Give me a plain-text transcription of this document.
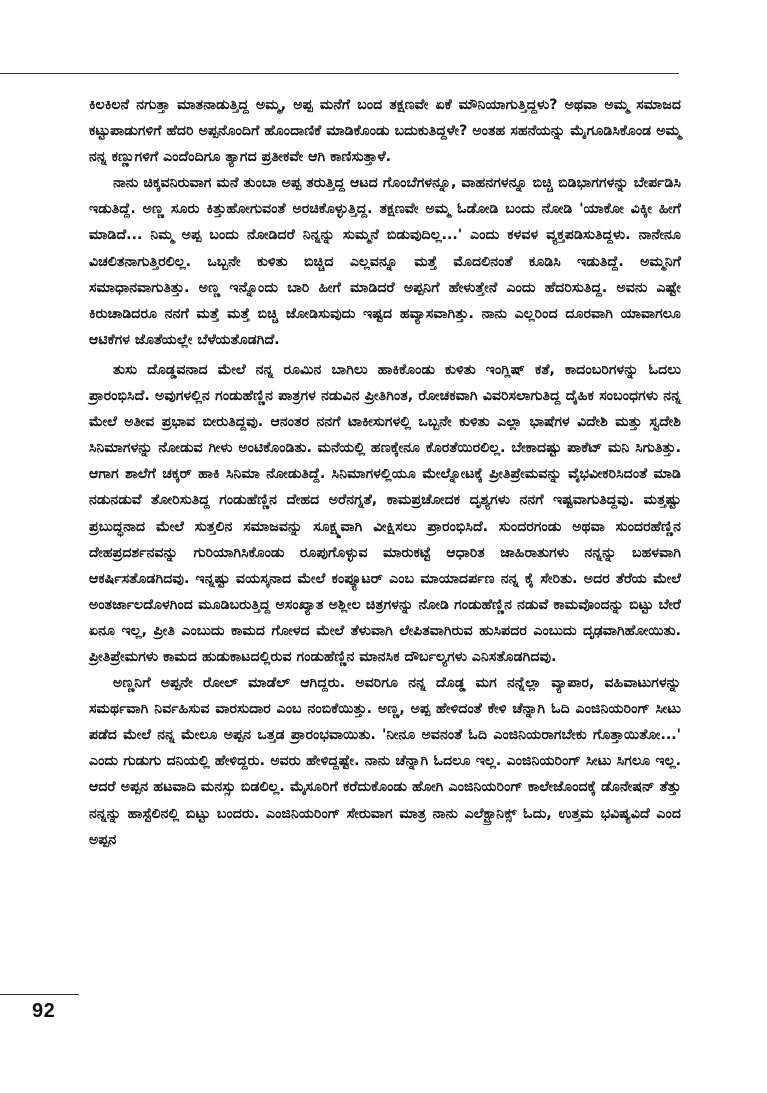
ಕಿಲಕಿಲನೆ ನಗುತ್ತಾ ಮಾತನಾಡುತ್ತಿದ್ದ ಅಮ್ಮ, ಅಪ್ಪ ಮನೆಗೆ ಬಂದ ತಕ್ಷಣವೇ ಏಕೆ ಮೌನಿಯಾಗುತ್ತಿದ್ದಳು? ಅಥವಾ ಅಮ್ಮ ಸಮಾಜದ ಕಟ್ಟುಪಾಡುಗಳಿಗೆ ಹೆದರಿ ಅಪ್ಪನೊಂದಿಗೆ ಹೊಂದಾಣಿಕೆ ಮಾಡಿಕೊಂಡು ಬದುಕುತಿದ್ದಳೇ? ಅಂತಹ ಸಹನೆಯನ್ನು ಮೈಗೂಡಿಸಿಕೊಂಡ ಅಮ್ಮ ನನ್ನ ಕಣ್ಣುಗಳಿಗೆ ಎಂದೆಂದಿಗೂ ತ್ಯಾಗದ ಪ್ರತೀಕವೇ ಆಗಿ ಕಾಣಿಸುತ್ತಾಳೆ.

ನಾನು ಚಿಕ್ಕವನಿರುವಾಗ ಮನೆ ತುಂಬಾ ಅಪ್ಪ ತರುತ್ತಿದ್ದ ಆಟದ ಗೊಂಬೆಗಳನ್ನೂ, ವಾಹನಗಳನ್ನೂ ಬಿಚ್ಚಿ ಬಿಡಿಭಾಗಗಳನ್ನು ಬೇರ್ಪಡಿಸಿ ಇಡುತಿದ್ದೆ. ಅಣ್ಣ ಸೂರು ಕಿತ್ತುಹೋಗುವಂತೆ ಅರಚಿಕೊಳ್ಳುತ್ತಿದ್ದ. ತಕ್ಷಣವೇ ಅಮ್ಮ ಓಡೋಡಿ ಬಂದು ನೋಡಿ 'ಯಾಕೋ ವಿಕ್ಕೀ ಹೀಗೆ ಮಾಡಿದೆ... ನಿಮ್ಮ ಅಪ್ಪ ಬಂದು ನೋಡಿದರೆ ನಿನ್ನನ್ನು ಸುಮ್ಮನೆ ಬಿಡುವುದಿಲ್ಲ...' ಎಂದು ಕಳವಳ ವ್ಯಕ್ತಪಡಿಸುತಿದ್ದಳು. ನಾನೇನೂ ವಿಚಲಿತನಾಗುತ್ತಿರಲಿಲ್ಲ. ಒಬ್ಬನೇ ಕುಳಿತು ಬಿಚ್ಚಿದ ಎಲ್ಲವನ್ನೂ ಮತ್ತೆ ಮೊದಲಿನಂತೆ ಕೂಡಿಸಿ ಇಡುತಿದ್ದೆ. ಅಮ್ಮನಿಗೆ ಸಮಾಧಾನವಾಗುತಿತ್ತು. ಅಣ್ಣ ಇನ್ನೊಂದು ಬಾರಿ ಹೀಗೆ ಮಾಡಿದರೆ ಅಪ್ಪನಿಗೆ ಹೇಳುತ್ತೇನೆ ಎಂದು ಹೆದರಿಸುತಿದ್ದ. ಅವನು ಎಷ್ಟೇ ಕಿರುಚಾಡಿದರೂ ನನಗೆ ಮತ್ತೆ ಮತ್ತೆ ಬಿಚ್ಚಿ ಜೋಡಿಸುವುದು ಇಷ್ಟದ ಹವ್ಯಾಸವಾಗಿತ್ತು. ನಾನು ಎಲ್ಲರಿಂದ ದೂರವಾಗಿ ಯಾವಾಗಲೂ ಆಟಿಕೆಗಳ ಜೊತೆಯಲ್ಲೇ ಬೆಳೆಯತೊಡಗಿದೆ.

ತುಸು ದೊಡ್ಡವನಾದ ಮೇಲೆ ನನ್ನ ರೂಮಿನ ಬಾಗಿಲು ಹಾಕಿಕೊಂಡು ಕುಳಿತು ಇಂಗ್ಲಿಷ್ ಕತೆ, ಕಾದಂಬರಿಗಳನ್ನು ಓದಲು ಪ್ರಾರಂಭಿಸಿದೆ. ಅವುಗಳಲ್ಲಿನ ಗಂಡುಹೆಣ್ಣಿನ ಪಾತ್ರಗಳ ನಡುವಿನ ಪ್ರೀತಿಗಿಂತ, ರೋಚಕವಾಗಿ ವಿವರಿಸಲಾಗುತಿದ್ದ ದೈಹಿಕ ಸಂಬಂಧಗಳು ನನ್ನ ಮೇಲೆ ಅತೀವ ಪ್ರಭಾವ ಬೀರುತಿದ್ದವು. ಆನಂತರ ನನಗೆ ಟಾಕೀಸುಗಳಲ್ಲಿ ಒಬ್ಬನೇ ಕುಳಿತು ಎಲ್ಲಾ ಭಾಷೆಗಳ ವಿದೇಶಿ ಮತ್ತು ಸ್ವದೇಶಿ ಸಿನಿಮಾಗಳನ್ನು ನೋಡುವ ಗೀಳು ಅಂಟಿಕೊಂಡಿತು. ಮನೆಯಲ್ಲಿ ಹಣಕ್ಕೇನೂ ಕೊರತೆಯಿರಲಿಲ್ಲ. ಬೇಕಾದಷ್ಟು ಪಾಕೆಟ್ ಮನಿ ಸಿಗುತಿತ್ತು. ಆಗಾಗ ಶಾಲೆಗೆ ಚಕ್ಕರ್ ಹಾಕಿ ಸಿನಿಮಾ ನೋಡುತಿದ್ದೆ. ಸಿನಿಮಾಗಳಲ್ಲಿಯೂ ಮೇಲ್ನೋಟಕ್ಕೆ ಪ್ರೀತಿಪ್ರೇಮವನ್ನು ವೈಭವೀಕರಿಸಿದಂತೆ ಮಾಡಿ ನಡುನಡುವೆ ತೋರಿಸುತಿದ್ದ ಗಂಡುಹೆಣ್ಣಿನ ದೇಹದ ಅರೆನಗ್ನತೆ, ಕಾಮಪ್ರಚೋದಕ ದೃಶ್ಯಗಳು ನನಗೆ ಇಷ್ಟವಾಗುತಿದ್ದವು. ಮತ್ತಷ್ಟು ಪ್ರಬುದ್ಧನಾದ ಮೇಲೆ ಸುತ್ತಲಿನ ಸಮಾಜವನ್ನು ಸೂಕ್ಷ್ಮವಾಗಿ ವೀಕ್ಷಿಸಲು ಪ್ರಾರಂಭಿಸಿದೆ. ಸುಂದರಗಂಡು ಅಥವಾ ಸುಂದರಹೆಣ್ಣಿನ ದೇಹಪ್ರದರ್ಶನವನ್ನು ಗುರಿಯಾಗಿಸಿಕೊಂಡು ರೂಪುಗೊಳ್ಳುವ ಮಾರುಕಟ್ಟೆ ಆಧಾರಿತ ಜಾಹಿರಾತುಗಳು ನನ್ನನ್ನು ಬಹಳವಾಗಿ ಆಕರ್ಷಿಸತೊಡಗಿದವು. ಇನ್ನಷ್ಟು ವಯಸ್ಕನಾದ ಮೇಲೆ ಕಂಪ್ಯೂಟರ್ ಎಂಬ ಮಾಯಾದರ್ಪಣ ನನ್ನ ಕೈ ಸೇರಿತು. ಅದರ ತೆರೆಯ ಮೇಲೆ ಅಂತರ್ಜಾಲದೊಳಗಿಂದ ಮೂಡಿಬರುತ್ತಿದ್ದ ಅಸಂಖ್ಯಾತ ಅಶ್ಲೀಲ ಚಿತ್ರಗಳನ್ನು ನೋಡಿ ಗಂಡುಹೆಣ್ಣಿನ ನಡುವೆ ಕಾಮವೊಂದನ್ನು ಬಿಟ್ಟು ಬೇರೆ ಏನೂ ಇಲ್ಲ, ಪ್ರೀತಿ ಎಂಬುದು ಕಾಮದ ಗೋಳದ ಮೇಲೆ ತೆಳುವಾಗಿ ಲೇಪಿತವಾಗಿರುವ ಹುಸಿಪದರ ಎಂಬುದು ದೃಢವಾಗಿಹೋಯಿತು. ಪ್ರೀತಿಪ್ರೇಮಗಳು ಕಾಮದ ಹುಡುಕಾಟದಲ್ಲಿರುವ ಗಂಡುಹೆಣ್ಣಿನ ಮಾನಸಿಕ ದೌರ್ಬಲ್ಯಗಳು ಎನಿಸತೊಡಗಿದವು.

ಅಣ್ಣನಿಗೆ ಅಪ್ಪನೇ ರೋಲ್ ಮಾಡೆಲ್ ಆಗಿದ್ದರು. ಅವರಿಗೂ ನನ್ನ ದೊಡ್ಡ ಮಗ ನನ್ನೆಲ್ಲಾ ವ್ಯಾಪಾರ, ವಹಿವಾಟುಗಳನ್ನು ಸಮರ್ಥವಾಗಿ ನಿರ್ವಹಿಸುವ ವಾರಸುದಾರ ಎಂಬ ನಂಬಿಕೆಯಿತ್ತು. ಅಣ್ಣ, ಅಪ್ಪ ಹೇಳಿದಂತೆ ಕೇಳಿ ಚೆನ್ನಾಗಿ ಓದಿ ಎಂಜಿನಿಯರಿಂಗ್ ಸೀಟು ಪಡೆದ ಮೇಲೆ ನನ್ನ ಮೇಲೂ ಅಪ್ಪನ ಒತ್ತಡ ಪ್ರಾರಂಭವಾಯಿತು. 'ನೀನೂ ಅವನಂತೆ ಓದಿ ಎಂಜಿನಿಯರಾಗಬೇಕು ಗೊತ್ತಾಯಿತೋ...' ಎಂದು ಗುಡುಗು ದನಿಯಲ್ಲಿ ಹೇಳಿದ್ದರು. ಅವರು ಹೇಳಿದ್ದಷ್ಟೇ. ನಾನು ಚೆನ್ನಾಗಿ ಓದಲೂ ಇಲ್ಲ. ಎಂಜಿನಿಯರಿಂಗ್ ಸೀಟು ಸಿಗಲೂ ಇಲ್ಲ. ಆದರೆ ಅಪ್ಪನ ಹಟವಾದಿ ಮನಸ್ಸು ಬಿಡಲಿಲ್ಲ. ಮೈಸೂರಿಗೆ ಕರೆದುಕೊಂಡು ಹೋಗಿ ಎಂಜಿನಿಯರಿಂಗ್ ಕಾಲೇಜೊಂದಕ್ಕೆ ಡೊನೇಷನ್ ತೆತ್ತು ನನ್ನನ್ನು ಹಾಸ್ಟೆಲಿನಲ್ಲಿ ಬಿಟ್ಟು ಬಂದರು. ಎಂಜಿನಿಯರಿಂಗ್ ಸೇರುವಾಗ ಮಾತ್ರ ನಾನು ಎಲೆಕ್ಟ್ರಾನಿಕ್ಸ್ ಓದು, ಉತ್ತಮ ಭವಿಷ್ಯವಿದೆ ಎಂದ ಅಪ್ಪನ

92
